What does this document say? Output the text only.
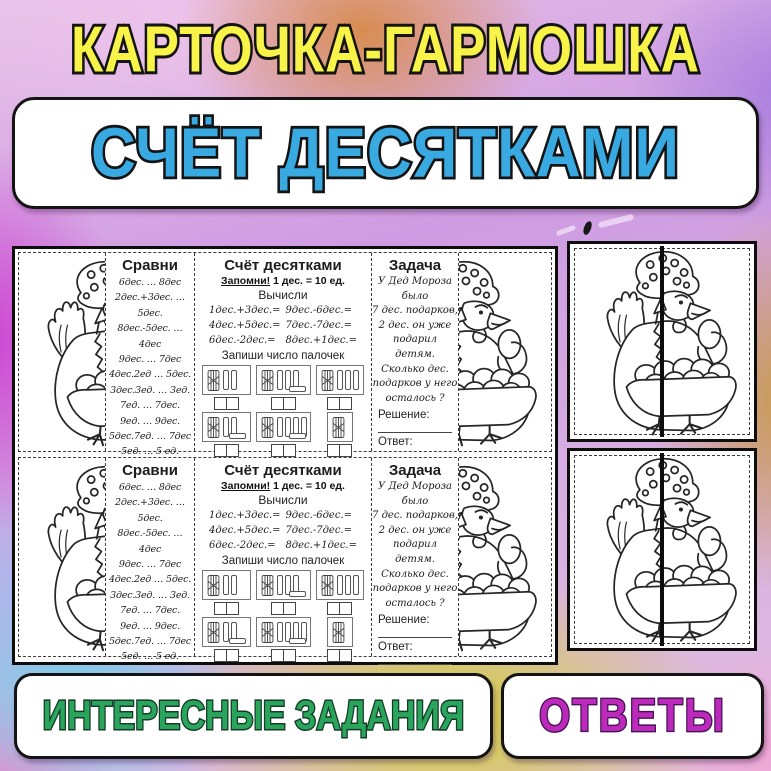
КАРТОЧКА-ГАРМОШКА
СЧЁТ ДЕСЯТКАМИ
Сравни
6дес. … 8дес
2дес.+3дес. … 5дес.
8дес.-5дес. … 4дес
9дес. … 7дес
4дес.2ед … 5дес.
3дес.3ед. … 3ед.
7ед. … 7дес.
9ед. … 9дес.
5дес.7ед. … 7дес
5ед. … 5 ед.
Счёт десятками
Запомни! 1 дес. = 10 ед.
Вычисли
1дес.+3дес.=
4дес.+5дес.=
6дес.-2дес.=
9дес.-6дес.=
7дес.-7дес.=
8дес.+1дес.=
Запиши число палочек
Задача
У Дед Мороза было
7 дес. подарков,
2 дес. он уже
подарил детям.
Сколько дес.
подарков у него
осталось ?
Решение:
Ответ:
Сравни
6дес. … 8дес
2дес.+3дес. … 5дес.
8дес.-5дес. … 4дес
9дес. … 7дес
4дес.2ед … 5дес.
3дес.3ед. … 3ед.
7ед. … 7дес.
9ед. … 9дес.
5дес.7ед. … 7дес
5ед. … 5 ед.
Счёт десятками
Запомни! 1 дес. = 10 ед.
Вычисли
1дес.+3дес.=
4дес.+5дес.=
6дес.-2дес.=
9дес.-6дес.=
7дес.-7дес.=
8дес.+1дес.=
Запиши число палочек
Задача
У Дед Мороза было
7 дес. подарков,
2 дес. он уже
подарил детям.
Сколько дес.
подарков у него
осталось ?
Решение:
Ответ:
ИНТЕРЕСНЫЕ ЗАДАНИЯ ОТВЕТЫ
